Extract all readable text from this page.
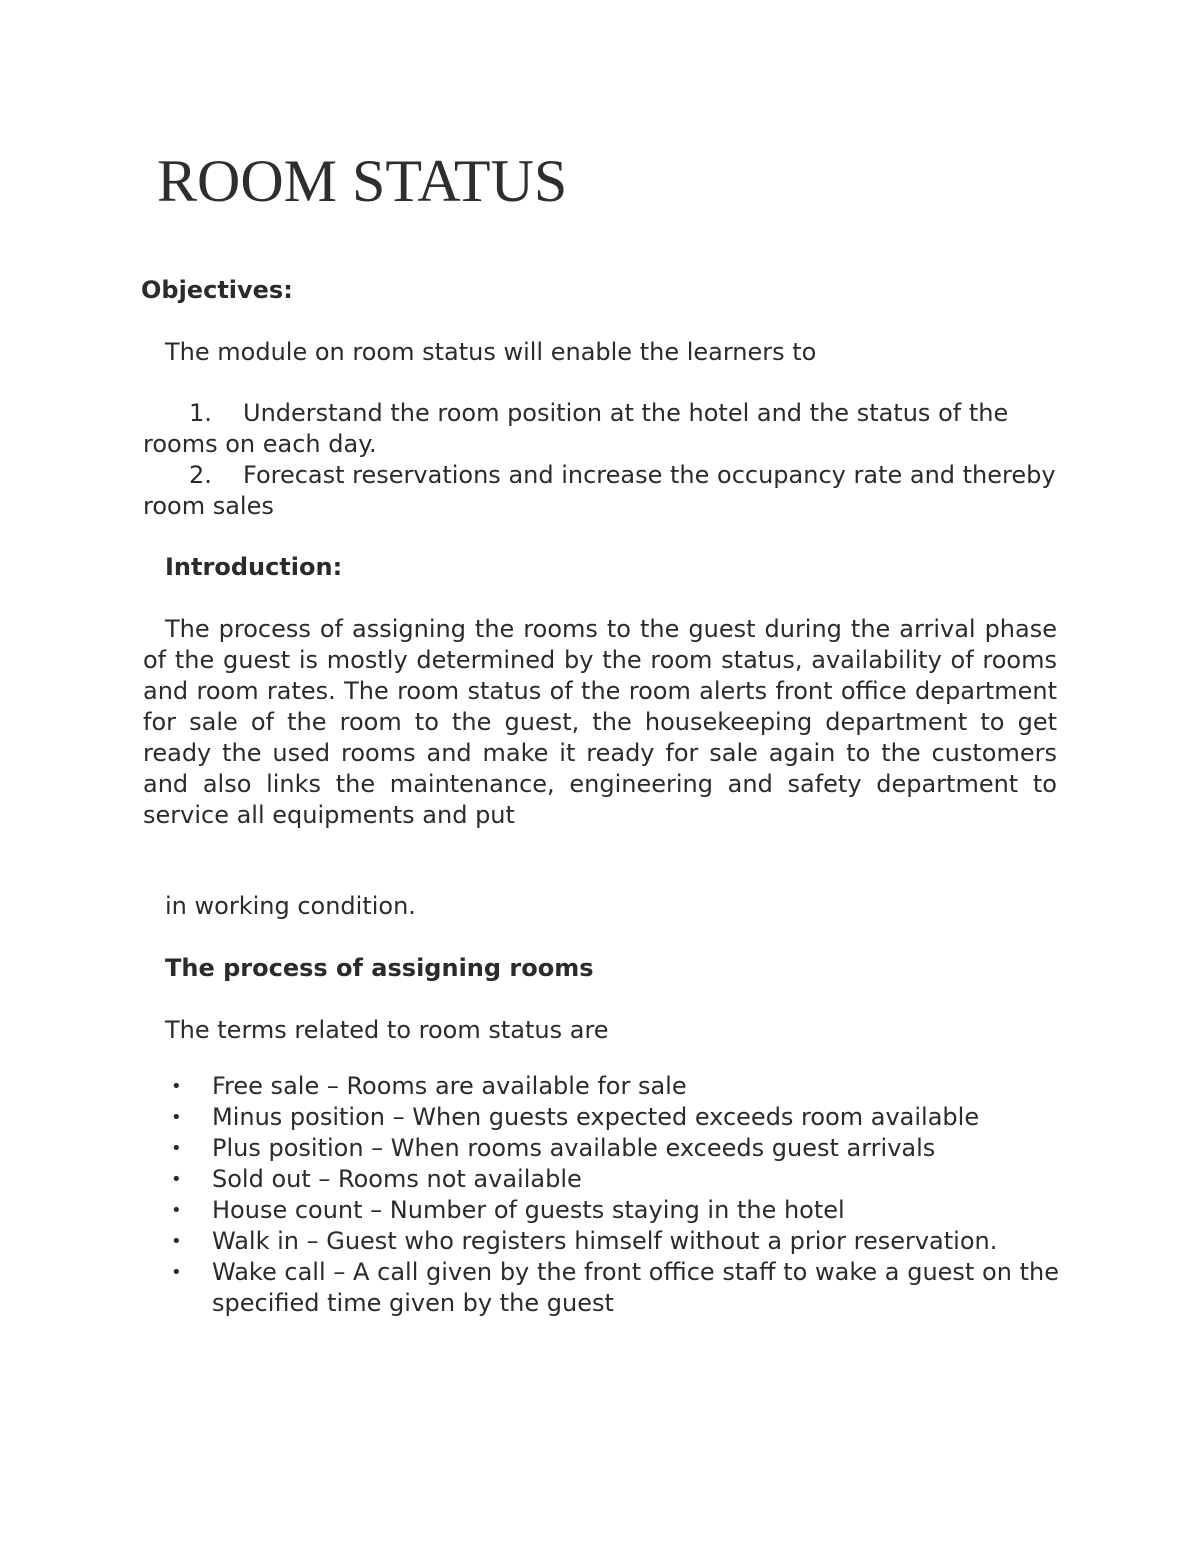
ROOM STATUS

Objectives:

The module on room status will enable the learners to

1. Understand the room position at the hotel and the status of the rooms on each day.
2. Forecast reservations and increase the occupancy rate and thereby room sales

Introduction:

The process of assigning the rooms to the guest during the arrival phase of the guest is mostly determined by the room status, availability of rooms and room rates. The room status of the room alerts front office department for sale of the room to the guest, the housekeeping department to get ready the used rooms and make it ready for sale again to the customers and also links the maintenance, engineering and safety department to service all equipments and put

in working condition.

The process of assigning rooms

The terms related to room status are

• Free sale – Rooms are available for sale
• Minus position – When guests expected exceeds room available
• Plus position – When rooms available exceeds guest arrivals
• Sold out – Rooms not available
• House count – Number of guests staying in the hotel
• Walk in – Guest who registers himself without a prior reservation.
• Wake call – A call given by the front office staff to wake a guest on the specified time given by the guest
